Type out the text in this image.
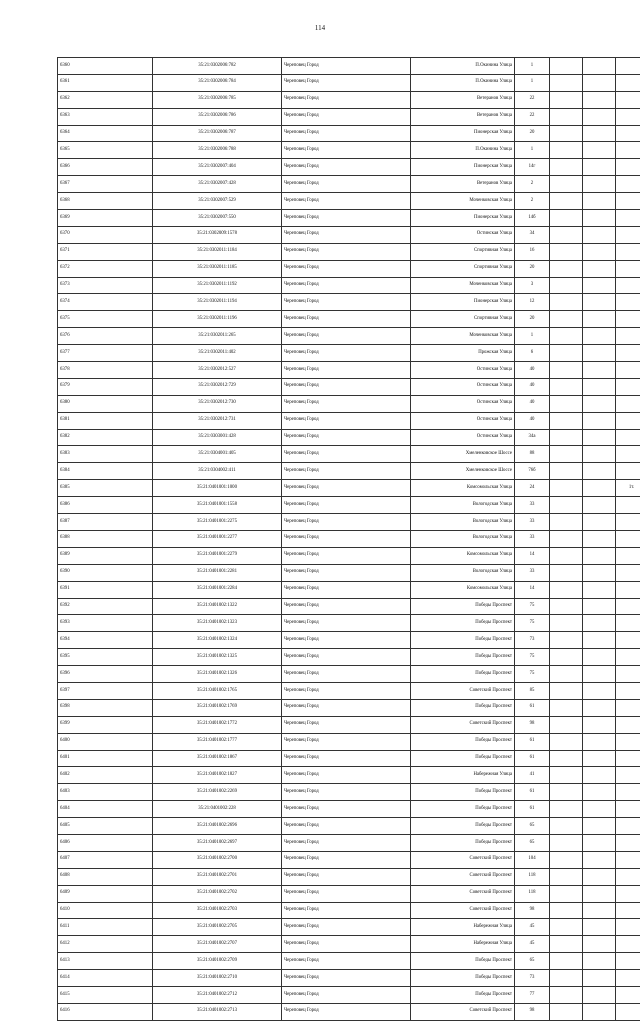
114
6360	35:21:0302006:782	Череповец Город	П.Окинина Улица	1			
6361	35:21:0302006:784	Череповец Город	П.Окинина Улица	1			
6362	35:21:0302006:785	Череповец Город	Ветеранов Улица	22			
6363	35:21:0302006:786	Череповец Город	Ветеранов Улица	22			
6364	35:21:0302006:787	Череповец Город	Пионерская Улица	20			
6365	35:21:0302006:788	Череповец Город	П.Окинина Улица	1			
6366	35:21:0302007:404	Череповец Город	Пионерская Улица	14г			
6367	35:21:0302007:428	Череповец Город	Ветеранов Улица	2			
6368	35:21:0302007:529	Череповец Город	Моченковская Улица	2			
6369	35:21:0302007:550	Череповец Город	Пионерская Улица	14б			
6370	35:21:0302009:1578	Череповец Город	Остинская Улица	34			
6371	35:21:0302011:1184	Череповец Город	Спортивная Улица	16			
6372	35:21:0302011:1185	Череповец Город	Спортивная Улица	20			
6373	35:21:0302011:1192	Череповец Город	Моченковская Улица	3			
6374	35:21:0302011:1194	Череповец Город	Пионерская Улица	12			
6375	35:21:0302011:1196	Череповец Город	Спортивная Улица	20			
6376	35:21:0302011:265	Череповец Город	Моченковская Улица	1			
6377	35:21:0302011:402	Череповец Город	Прожская Улица	6			
6378	35:21:0302012:527	Череповец Город	Остинская Улица	40			
6379	35:21:0302012:729	Череповец Город	Остинская Улица	40			
6380	35:21:0302012:730	Череповец Город	Остинская Улица	40			
6381	35:21:0302012:731	Череповец Город	Остинская Улица	40			
6382	35:21:0303001:428	Череповец Город	Остинская Улица	34а			
6383	35:21:0304001:405	Череповец Город	Хмеленковское Шоссе	88			
6384	35:21:0304002:411	Череповец Город	Хмеленковское Шоссе	76б			
6385	35:21:0401001:1000	Череповец Город	Комсомольская Улица	24			1т.
6386	35:21:0401001:1558	Череповец Город	Вологодская Улица	33			
6387	35:21:0401001:2275	Череповец Город	Вологодская Улица	33			
6388	35:21:0401001:2277	Череповец Город	Вологодская Улица	33			
6389	35:21:0401001:2279	Череповец Город	Комсомольская Улица	14			
6390	35:21:0401001:2281	Череповец Город	Вологодская Улица	33			
6391	35:21:0401001:2284	Череповец Город	Комсомольская Улица	14			
6392	35:21:0401002:1322	Череповец Город	Победы Проспект	75			
6393	35:21:0401002:1323	Череповец Город	Победы Проспект	75			
6394	35:21:0401002:1324	Череповец Город	Победы Проспект	73			
6395	35:21:0401002:1325	Череповец Город	Победы Проспект	75			
6396	35:21:0401002:1326	Череповец Город	Победы Проспект	75			
6397	35:21:0401002:1765	Череповец Город	Советский Проспект	85			
6398	35:21:0401002:1769	Череповец Город	Победы Проспект	61			
6399	35:21:0401002:1772	Череповец Город	Советский Проспект	98			
6400	35:21:0401002:1777	Череповец Город	Победы Проспект	61			
6401	35:21:0401002:1867	Череповец Город	Победы Проспект	61			
6402	35:21:0401002:1827	Череповец Город	Набережная Улица	41			
6403	35:21:0401002:2269	Череповец Город	Победы Проспект	61			
6404	35:21:0401002:228	Череповец Город	Победы Проспект	61			
6405	35:21:0401002:2696	Череповец Город	Победы Проспект	65			
6406	35:21:0401002:2697	Череповец Город	Победы Проспект	65			
6407	35:21:0401002:2700	Череповец Город	Советский Проспект	104			
6408	35:21:0401002:2701	Череповец Город	Советский Проспект	118			
6409	35:21:0401002:2702	Череповец Город	Советский Проспект	118			
6410	35:21:0401002:2703	Череповец Город	Советский Проспект	98			
6411	35:21:0401002:2705	Череповец Город	Набережная Улица	45			
6412	35:21:0401002:2707	Череповец Город	Набережная Улица	45			
6413	35:21:0401002:2709	Череповец Город	Победы Проспект	65			
6414	35:21:0401002:2710	Череповец Город	Победы Проспект	73			
6415	35:21:0401002:2712	Череповец Город	Победы Проспект	77			
6416	35:21:0401002:2713	Череповец Город	Советский Проспект	98			
